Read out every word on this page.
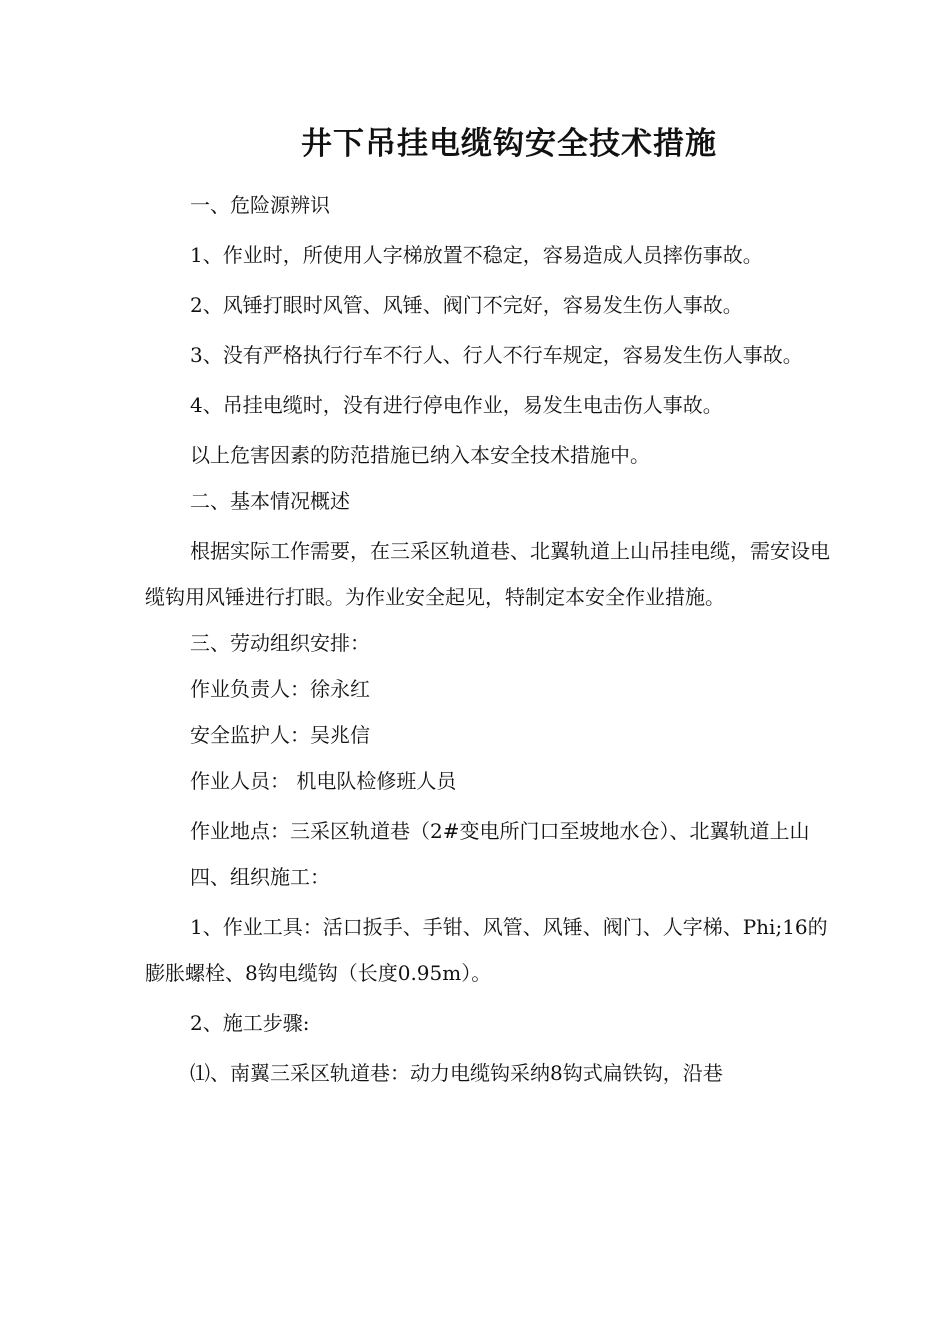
井下吊挂电缆钩安全技术措施

一、危险源辨识

1、作业时，所使用人字梯放置不稳定，容易造成人员摔伤事故。

2、风锤打眼时风管、风锤、阀门不完好，容易发生伤人事故。

3、没有严格执行行车不行人、行人不行车规定，容易发生伤人事故。

4、吊挂电缆时，没有进行停电作业，易发生电击伤人事故。

以上危害因素的防范措施已纳入本安全技术措施中。

二、基本情况概述

根据实际工作需要，在三采区轨道巷、北翼轨道上山吊挂电缆，需安设电缆钩用风锤进行打眼。为作业安全起见，特制定本安全作业措施。

三、劳动组织安排：

作业负责人：徐永红

安全监护人：吴兆信

作业人员： 机电队检修班人员

作业地点：三采区轨道巷（2#变电所门口至坡地水仓）、北翼轨道上山

四、组织施工：

1、作业工具：活口扳手、手钳、风管、风锤、阀门、人字梯、Phi;16的膨胀螺栓、8钩电缆钩（长度0.95m）。

2、施工步骤:

⑴、南翼三采区轨道巷：动力电缆钩采纳8钩式扁铁钩，沿巷
